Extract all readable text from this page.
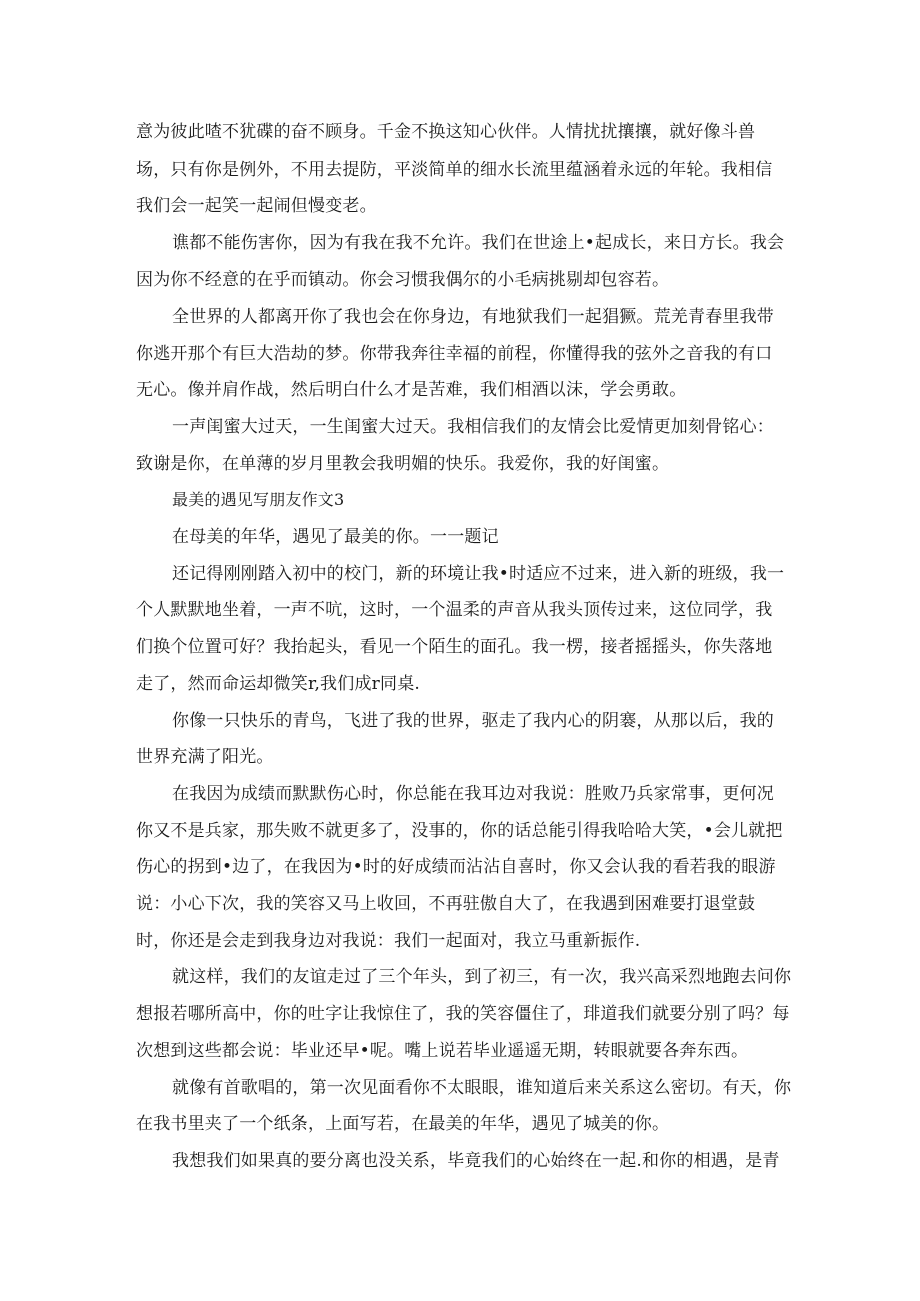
意为彼此喳不犹碟的奋不顾身。千金不换这知心伙伴。人情扰扰攘攘，就好像斗兽
场，只有你是例外，不用去提防，平淡简单的细水长流里蕴涵着永远的年轮。我相信
我们会一起笑一起闹但慢变老。
谯都不能伤害你，因为有我在我不允许。我们在世途上•起成长，来日方长。我会
因为你不经意的在乎而镇动。你会习惯我偶尔的小毛病挑剔却包容若。
全世界的人都离开你了我也会在你身边，有地狱我们一起猖獗。荒羌青春里我带
你逃开那个有巨大浩劫的梦。你带我奔往幸福的前程，你懂得我的弦外之音我的有口
无心。像并肩作战，然后明白什么才是苦难，我们相酒以沫，学会勇敢。
一声闺蜜大过天，一生闺蜜大过天。我相信我们的友情会比爱情更加刻骨铭心：
致谢是你，在单薄的岁月里教会我明媚的快乐。我爱你，我的好闺蜜。
最美的遇见写朋友作文3
在母美的年华，遇见了最美的你。一一题记
还记得刚刚踏入初中的校门，新的环境让我•时适应不过来，进入新的班级，我一
个人默默地坐着，一声不吭，这时，一个温柔的声音从我头顶传过来，这位同学，我
们换个位置可好？我抬起头，看见一个陌生的面孔。我一楞，接者摇摇头，你失落地
走了，然而命运却微笑r,我们成r同桌.
你像一只快乐的青鸟，飞进了我的世界，驱走了我内心的阴褰，从那以后，我的
世界充满了阳光。
在我因为成绩而默默伤心时，你总能在我耳边对我说：胜败乃兵家常事，更何况
你又不是兵家，那失败不就更多了，没事的，你的话总能引得我哈哈大笑，•会儿就把
伤心的拐到•边了，在我因为•时的好成绩而沾沾自喜时，你又会认我的看若我的眼游
说：小心下次，我的笑容又马上收回，不再驻傲自大了，在我遇到困难要打退堂鼓
时，你还是会走到我身边对我说：我们一起面对，我立马重新振作.
就这样，我们的友谊走过了三个年头，到了初三，有一次，我兴高采烈地跑去问你
想报若哪所高中，你的吐字让我惊住了，我的笑容僵住了，琲道我们就要分别了吗？每
次想到这些都会说：毕业还早•呢。嘴上说若毕业遥遥无期，转眼就要各奔东西。
就像有首歌唱的，第一次见面看你不太眼眼，谁知道后来关系这么密切。有天，你
在我书里夹了一个纸条，上面写若，在最美的年华，遇见了城美的你。
我想我们如果真的要分离也没关系，毕竟我们的心始终在一起.和你的相遇，是青
